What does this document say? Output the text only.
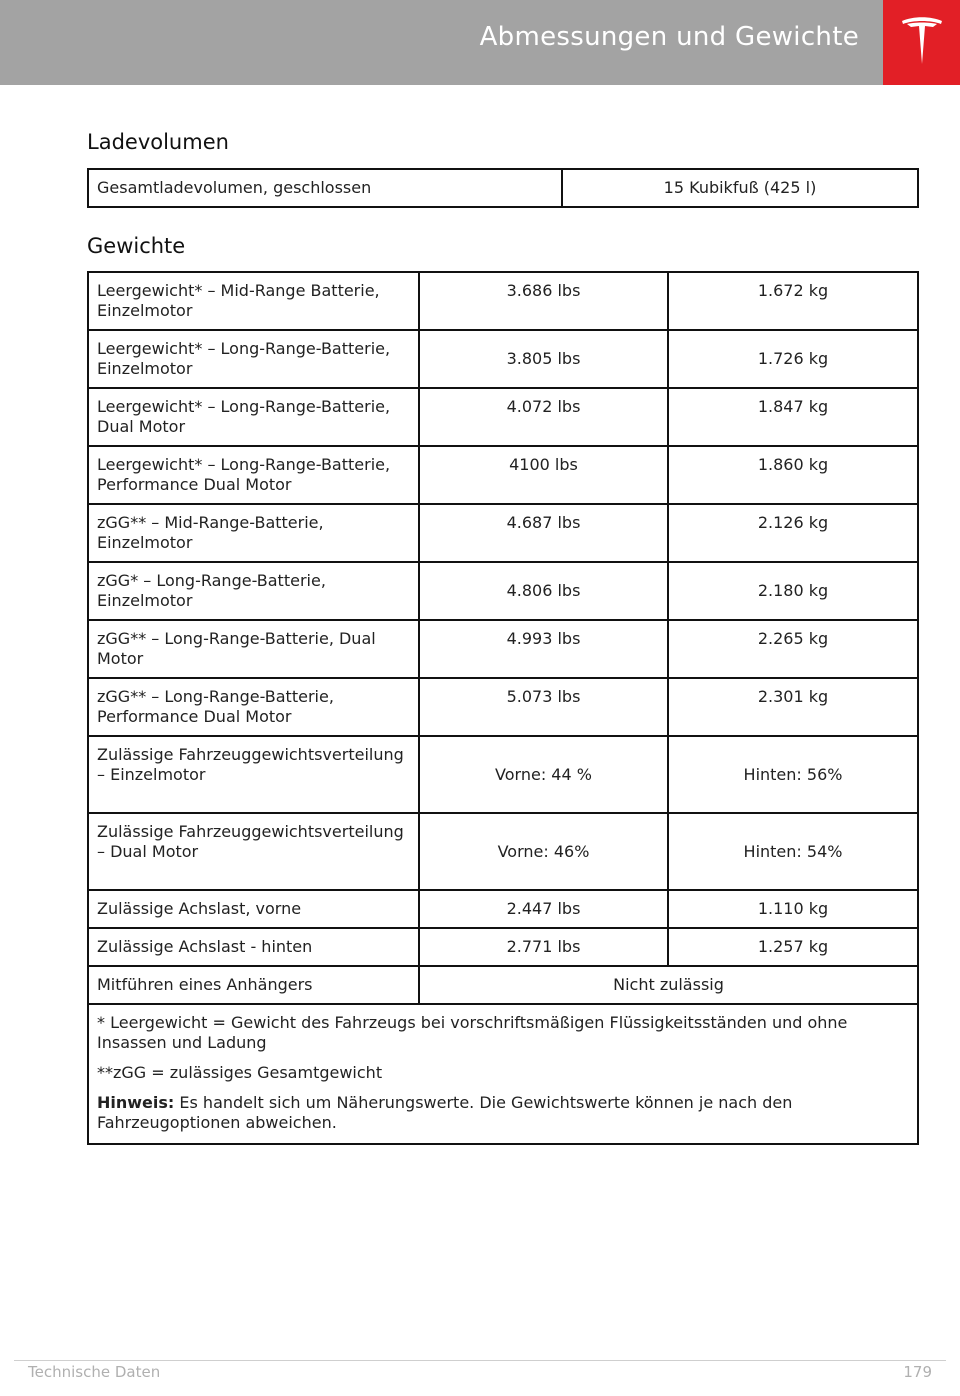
Abmessungen und Gewichte
Ladevolumen
Gesamtladevolumen, geschlossen	15 Kubikfuß (425 l)
Gewichte
Leergewicht* – Mid-Range Batterie, Einzelmotor	3.686 lbs	1.672 kg
Leergewicht* – Long-Range-Batterie, Einzelmotor	3.805 lbs	1.726 kg
Leergewicht* – Long-Range-Batterie, Dual Motor	4.072 lbs	1.847 kg
Leergewicht* – Long-Range-Batterie, Performance Dual Motor	4100 lbs	1.860 kg
zGG** – Mid-Range-Batterie, Einzelmotor	4.687 lbs	2.126 kg
zGG* – Long-Range-Batterie, Einzelmotor	4.806 lbs	2.180 kg
zGG** – Long-Range-Batterie, Dual Motor	4.993 lbs	2.265 kg
zGG** – Long-Range-Batterie, Performance Dual Motor	5.073 lbs	2.301 kg
Zulässige Fahrzeuggewichtsverteilung – Einzelmotor	Vorne: 44 %	Hinten: 56%
Zulässige Fahrzeuggewichtsverteilung – Dual Motor	Vorne: 46%	Hinten: 54%
Zulässige Achslast, vorne	2.447 lbs	1.110 kg
Zulässige Achslast - hinten	2.771 lbs	1.257 kg
Mitführen eines Anhängers	Nicht zulässig	

* Leergewicht = Gewicht des Fahrzeugs bei vorschriftsmäßigen Flüssigkeitsständen und ohne Insassen und Ladung

**zGG = zulässiges Gesamtgewicht

Hinweis: Es handelt sich um Näherungswerte. Die Gewichtswerte können je nach den Fahrzeugoptionen abweichen.		

Technische Daten	179
